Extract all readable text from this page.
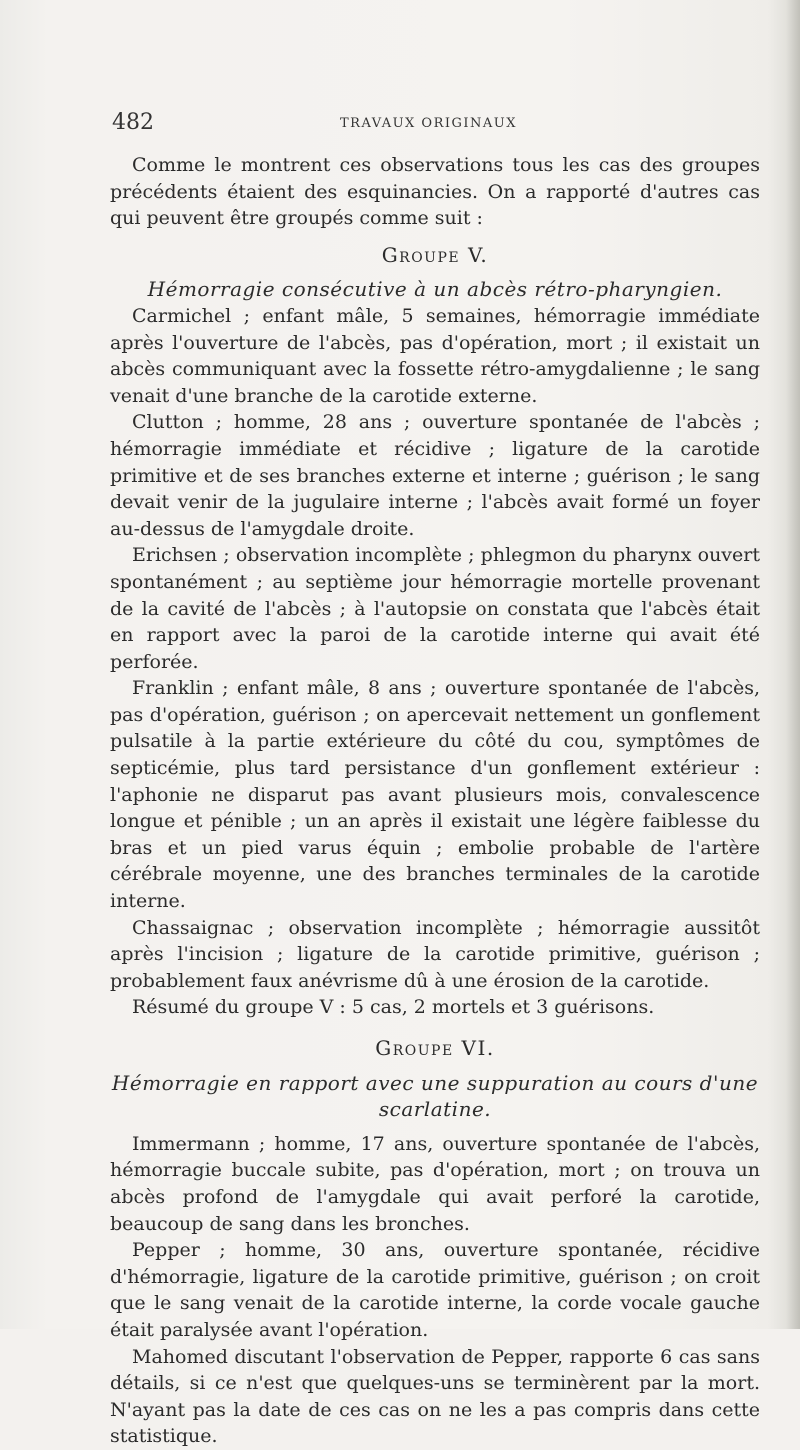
482	TRAVAUX ORIGINAUX

Comme le montrent ces observations tous les cas des groupes précédents étaient des esquinancies. On a rapporté d'autres cas qui peuvent être groupés comme suit :

Groupe V.

Hémorragie consécutive à un abcès rétro-pharyngien.

Carmichel ; enfant mâle, 5 semaines, hémorragie immédiate après l'ouverture de l'abcès, pas d'opération, mort ; il existait un abcès communiquant avec la fossette rétro-amygdalienne ; le sang venait d'une branche de la carotide externe.

Clutton ; homme, 28 ans ; ouverture spontanée de l'abcès ; hémorragie immédiate et récidive ; ligature de la carotide primitive et de ses branches externe et interne ; guérison ; le sang devait venir de la jugulaire interne ; l'abcès avait formé un foyer au-dessus de l'amygdale droite.

Erichsen ; observation incomplète ; phlegmon du pharynx ouvert spontanément ; au septième jour hémorragie mortelle provenant de la cavité de l'abcès ; à l'autopsie on constata que l'abcès était en rapport avec la paroi de la carotide interne qui avait été perforée.

Franklin ; enfant mâle, 8 ans ; ouverture spontanée de l'abcès, pas d'opération, guérison ; on apercevait nettement un gonflement pulsatile à la partie extérieure du côté du cou, symptômes de septicémie, plus tard persistance d'un gonflement extérieur : l'aphonie ne disparut pas avant plusieurs mois, convalescence longue et pénible ; un an après il existait une légère faiblesse du bras et un pied varus équin ; embolie probable de l'artère cérébrale moyenne, une des branches terminales de la carotide interne.

Chassaignac ; observation incomplète ; hémorragie aussitôt après l'incision ; ligature de la carotide primitive, guérison ; probablement faux anévrisme dû à une érosion de la carotide.

Résumé du groupe V : 5 cas, 2 mortels et 3 guérisons.

Groupe VI.

Hémorragie en rapport avec une suppuration au cours d'une scarlatine.

Immermann ; homme, 17 ans, ouverture spontanée de l'abcès, hémorragie buccale subite, pas d'opération, mort ; on trouva un abcès profond de l'amygdale qui avait perforé la carotide, beaucoup de sang dans les bronches.

Pepper ; homme, 30 ans, ouverture spontanée, récidive d'hémorragie, ligature de la carotide primitive, guérison ; on croit que le sang venait de la carotide interne, la corde vocale gauche était paralysée avant l'opération.

Mahomed discutant l'observation de Pepper, rapporte 6 cas sans détails, si ce n'est que quelques-uns se terminèrent par la mort. N'ayant pas la date de ces cas on ne les a pas compris dans cette statistique.
